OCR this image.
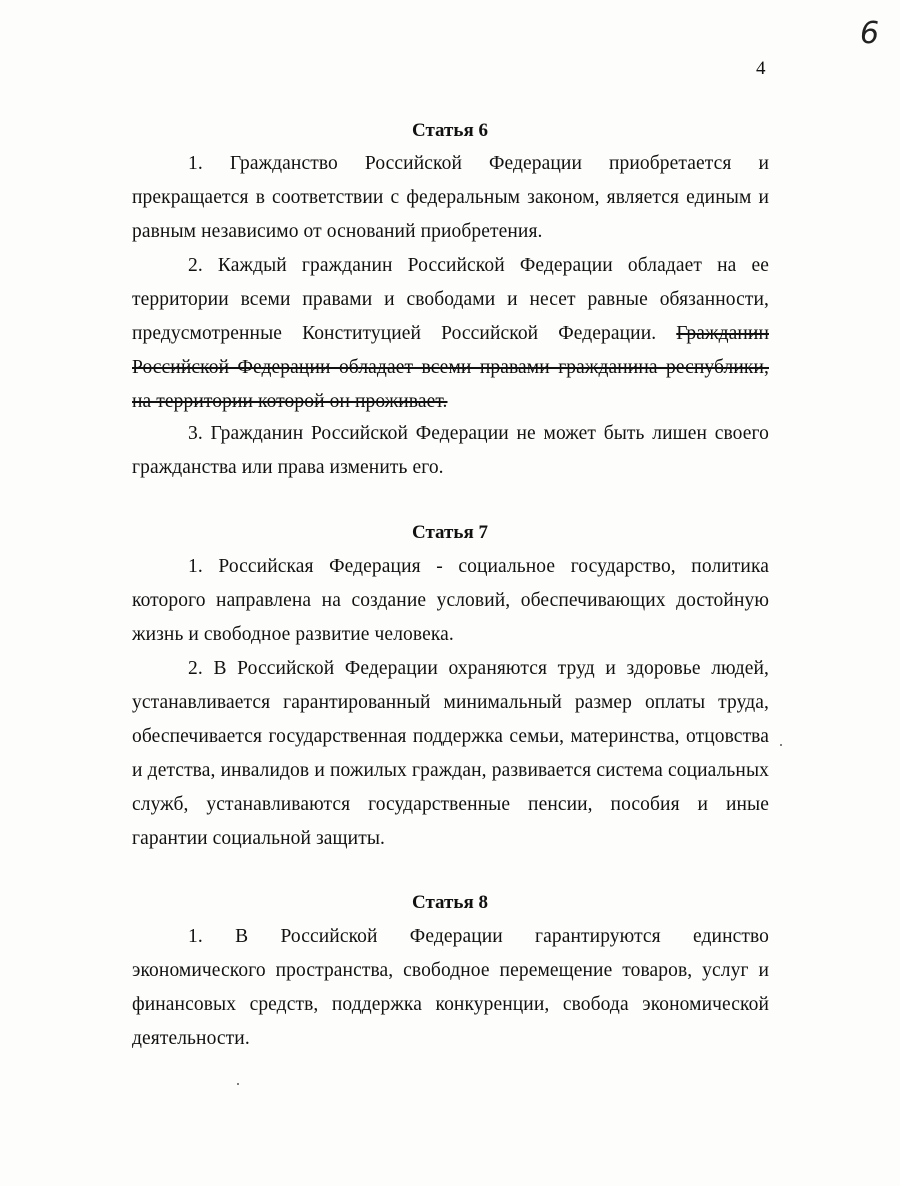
6
4
Статья 6
1. Гражданство Российской Федерации приобретается и прекращается в соответствии с федеральным законом, является единым и равным независимо от оснований приобретения.
2. Каждый гражданин Российской Федерации обладает на ее территории всеми правами и свободами и несет равные обязанности, предусмотренные Конституцией Российской Федерации. Гражданин Российской Федерации обладает всеми правами гражданина республики, на территории которой он проживает.
3. Гражданин Российской Федерации не может быть лишен своего гражданства или права изменить его.
Статья 7
1. Российская Федерация - социальное государство, политика которого направлена на создание условий, обеспечивающих достойную жизнь и свободное развитие человека.
2. В Российской Федерации охраняются труд и здоровье людей, устанавливается гарантированный минимальный размер оплаты труда, обеспечивается государственная поддержка семьи, материнства, отцовства и детства, инвалидов и пожилых граждан, развивается система социальных служб, устанавливаются государственные пенсии, пособия и иные гарантии социальной защиты.
Статья 8
1. В Российской Федерации гарантируются единство экономического пространства, свободное перемещение товаров, услуг и финансовых средств, поддержка конкуренции, свобода экономической деятельности.
